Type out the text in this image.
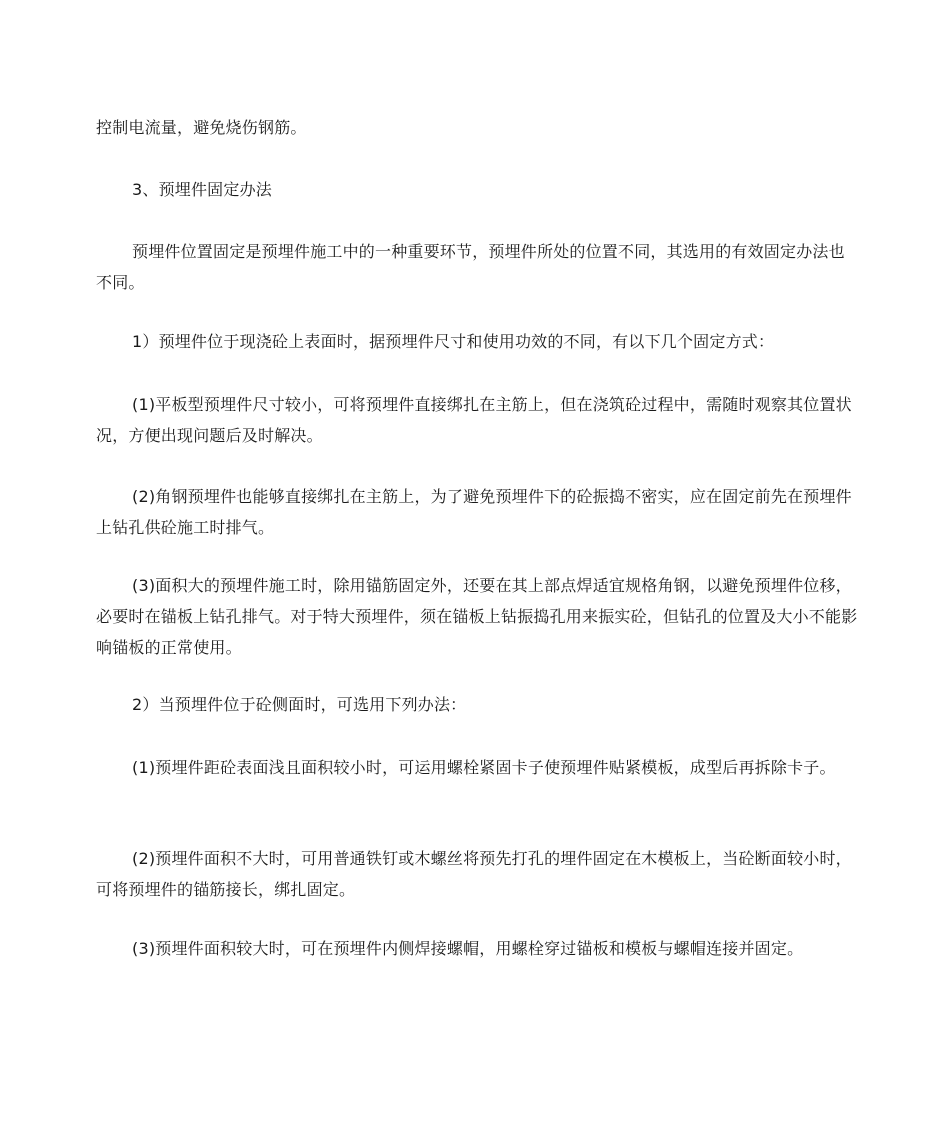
控制电流量，避免烧伤钢筋。

3、预埋件固定办法

预埋件位置固定是预埋件施工中的一种重要环节，预埋件所处的位置不同，其选用的有效固定办法也不同。

1）预埋件位于现浇砼上表面时，据预埋件尺寸和使用功效的不同，有以下几个固定方式：

(1)平板型预埋件尺寸较小，可将预埋件直接绑扎在主筋上，但在浇筑砼过程中，需随时观察其位置状况，方便出现问题后及时解决。

(2)角钢预埋件也能够直接绑扎在主筋上，为了避免预埋件下的砼振捣不密实，应在固定前先在预埋件上钻孔供砼施工时排气。

(3)面积大的预埋件施工时，除用锚筋固定外，还要在其上部点焊适宜规格角钢，以避免预埋件位移，必要时在锚板上钻孔排气。对于特大预埋件，须在锚板上钻振捣孔用来振实砼，但钻孔的位置及大小不能影响锚板的正常使用。

2）当预埋件位于砼侧面时，可选用下列办法：

(1)预埋件距砼表面浅且面积较小时，可运用螺栓紧固卡子使预埋件贴紧模板，成型后再拆除卡子。

(2)预埋件面积不大时，可用普通铁钉或木螺丝将预先打孔的埋件固定在木模板上，当砼断面较小时，可将预埋件的锚筋接长，绑扎固定。

(3)预埋件面积较大时，可在预埋件内侧焊接螺帽，用螺栓穿过锚板和模板与螺帽连接并固定。
